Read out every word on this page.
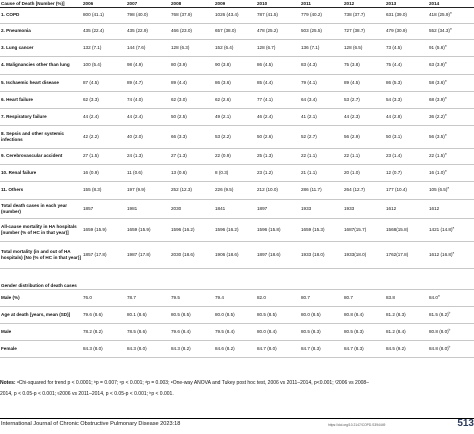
Cause of Death [Number (%)]	2006	2007	2008	2009	2010	2011	2012	2013	2014
1. COPD	800 (41.1)	798 (40.0)	768 (37.9)	1026 (43.4)	787 (41.5)	779 (40.2)	738 (37.7)	631 (39.0)	418 $(25.9)^a$
2. Pneumonia	435 (22.4)	435 (22.9)	466 (23.0)	657 (38.0)	478 (25.2)	503 (25.5)	727 (38.7)	479 (30.9)	552 $(34.3)^a$
3. Lung cancer	132 (7.1)	144 (7.6)	128 (6.3)	152 (6.4)	128 (6.7)	136 (7.1)	128 (6.5)	73 (4.5)	91 $(5.6)^a$
4. Malignancies other than lung	100 (5.4)	98 (4.9)	80 (3.9)	90 (3.8)	86 (4.5)	83 (4.3)	75 (3.8)	75 (4.4)	63 $(3.9)^a$
5. Ischaemic heart disease	87 (4.5)	89 (4.7)	89 (4.4)	86 (3.6)	85 (4.4)	79 (4.1)	89 (4.5)	86 (5.3)	58 $(3.6)^a$
6. Heart failure	62 (3.3)	74 (4.0)	62 (3.0)	62 (2.6)	77 (4.1)	64 (3.4)	53 (2.7)	54 (3.3)	68 $(3.9)^a$
7. Respiratory failure	44 (2.4)	44 (2.4)	50 (2.5)	49 (2.1)	46 (2.4)	41 (2.1)	44 (2.3)	44 (2.8)	36 $(2.2)^a$
8. Sepsis and other systemic infections	42 (2.2)	40 (2.0)	66 (3.3)	53 (2.2)	50 (2.6)	52 (2.7)	56 (2.9)	50 (3.1)	56 $(3.5)^a$
9. Cerebrovascular accident	27 (1.5)	24 (1.3)	27 (1.3)	22 (0.9)	25 (1.3)	22 (1.1)	22 (1.1)	23 (1.4)	22 $(1.5)^a$
10. Renal failure	16 (0.9)	11 (0.6)	13 (0.6)	8 (0.3)	23 (1.2)	21 (1.1)	20 (1.0)	12 (0.7)	16 $(1.0)^a$
11. Others	155 (8.3)	197 (9.9)	252 (12.3)	226 (9.5)	212 (10.0)	286 (11.7)	264 (12.7)	177 (10.4)	105 $(6.5)^a$
Total death cases in each year (number)	1857	1981	2030	1841	1897	1933	1933	1612	1612
All-cause mortality in HA hospitals [number (% of HC in that year)]	1659 (15.9)	1659 (15.9)	1596 (16.2)	1596 (16.2)	1596 (15.8)	1659 (15.3)	1687(15.7)	1568(15.8)	1421 $(14.8)^a$
Total mortality (in and out of HA hospitals) [No (% of HC in that year)]	1857 (17.8)	1987 (17.8)	2030 (18.6)	1906 (18.6)	1897 (18.6)	1933 (18.0)	1933(18.0)	1762(17.8)	1612 $(16.8)^a$
Gender distribution of death cases									
Male (%)	76.0	78.7	79.5	79.4	82.0	80.7	80.7	83.8	84.0$^a$
Age at death [years, mean (SD)]	79.6 (8.6)	80.1 (8.6)	80.5 (8.5)	80.0 (8.5)	80.5 (8.5)	80.0 (8.5)	80.8 (8.4)	81.2 (8.3)	81.5 $(8.2)^b$
Male	78.2 (8.2)	78.5 (8.6)	79.6 (8.4)	79.5 (8.4)	80.0 (8.4)	80.5 (8.3)	80.5 (8.3)	81.2 (8.4)	80.8 $(8.0)^b$
Female	84.3 (8.0)	84.3 (8.0)	84.3 (8.2)	84.6 (8.2)	84.7 (8.0)	84.7 (8.3)	84.7 (8.3)	84.5 (9.2)	84.8 $(8.0)^b$
Notes: ᵃChi-squared for trend p < 0.0001; ᵇp = 0.007; ᶜp < 0.001; ᵈp = 0.003; ᵉOne-way ANOVA and Tukey post hoc test, 2006 vs 2011–2014, p<0.001; ᶠ2006 vs 2008–
2014, p < 0.05-p < 0.001; ᵍ2006 vs 2011–2014, p < 0.05-p < 0.001; ʰp < 0.001.
International Journal of Chronic Obstructive Pulmonary Disease 2023:18	https://doi.org/10.2147/COPD.S394449	513
